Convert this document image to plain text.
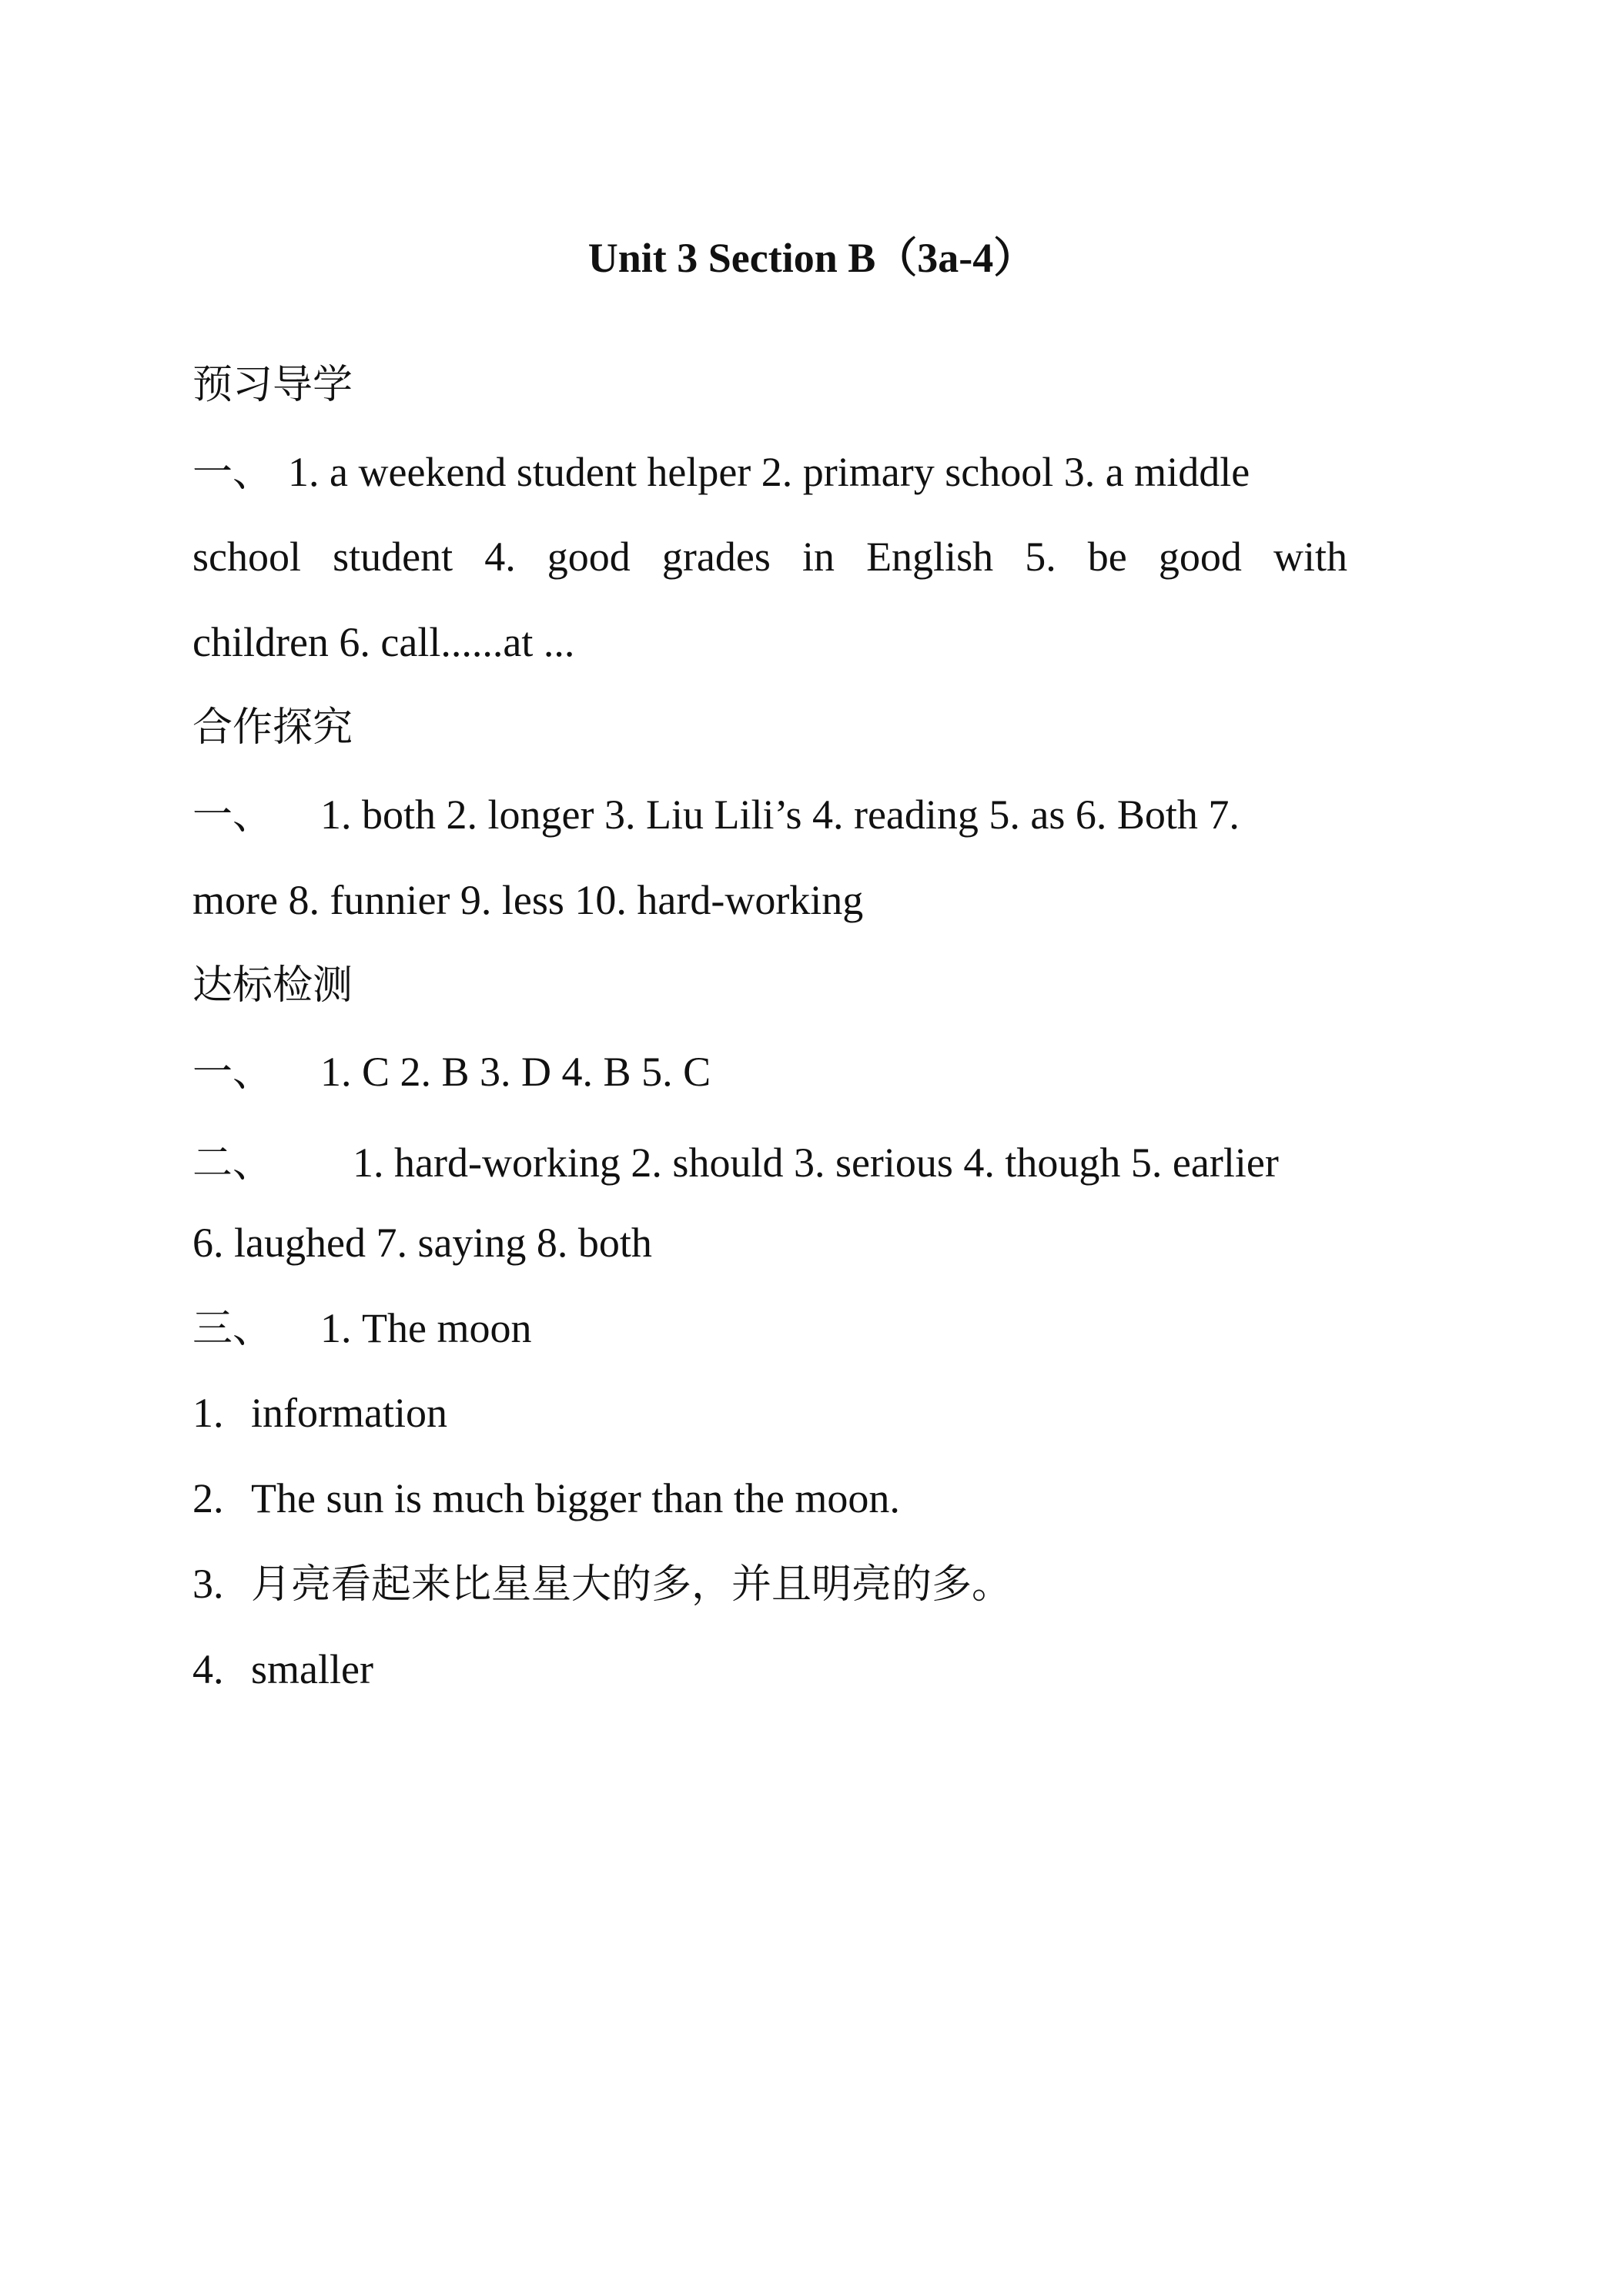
Unit 3 Section B（3a-4）
预习导学
一、 1. a weekend student helper 2. primary school 3. a middle
school student 4. good grades in English 5. be good with
children 6. call......at ...
合作探究
一、 1. both 2. longer 3. Liu Lili’s 4. reading 5. as 6. Both 7.
more 8. funnier 9. less 10. hard-working
达标检测
一、 1. C 2. B 3. D 4. B 5. C
二、 1. hard-working 2. should 3. serious 4. though 5. earlier
6. laughed 7. saying 8. both
三、 1. The moon
1. information
2. The sun is much bigger than the moon.
3. 月亮看起来比星星大的多，并且明亮的多。
4. smaller
